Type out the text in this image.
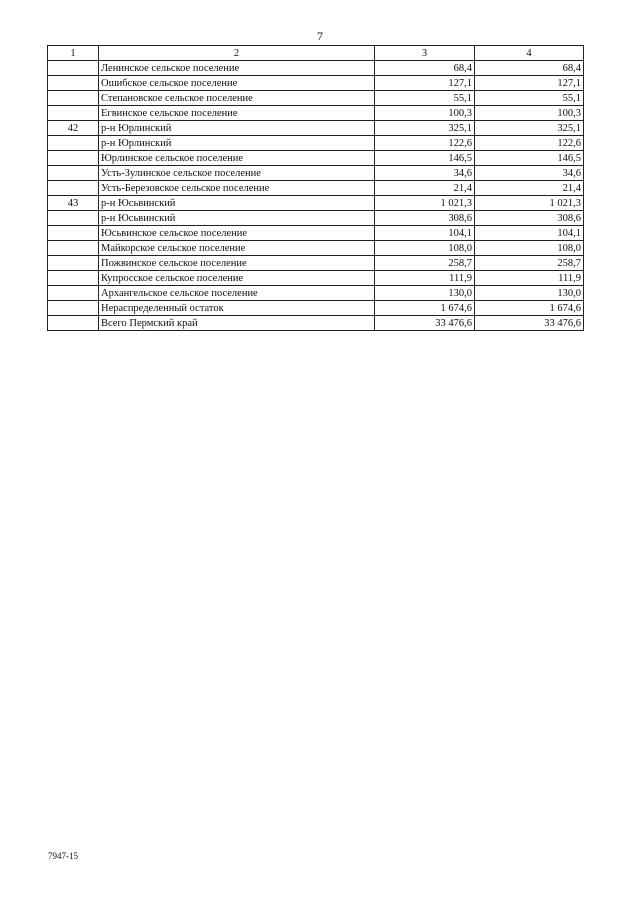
7
1	2	3	4
	Ленинское сельское поселение	68,4	68,4
	Ошибское сельское поселение	127,1	127,1
	Степановское сельское поселение	55,1	55,1
	Егвинское сельское поселение	100,3	100,3
42	р-н Юрлинский	325,1	325,1
	р-н Юрлинский	122,6	122,6
	Юрлинское сельское поселение	146,5	146,5
	Усть-Зулинское сельское поселение	34,6	34,6
	Усть-Березовское сельское поселение	21,4	21,4
43	р-н Юсьвинский	1 021,3	1 021,3
	р-н Юсьвинский	308,6	308,6
	Юсьвинское сельское поселение	104,1	104,1
	Майкорское сельское поселение	108,0	108,0
	Пожвинское сельское поселение	258,7	258,7
	Купросское сельское поселение	111,9	111,9
	Архангельское сельское поселение	130,0	130,0
	Нераспределенный остаток	1 674,6	1 674,6
	Всего Пермский край	33 476,6	33 476,6
7947-15
